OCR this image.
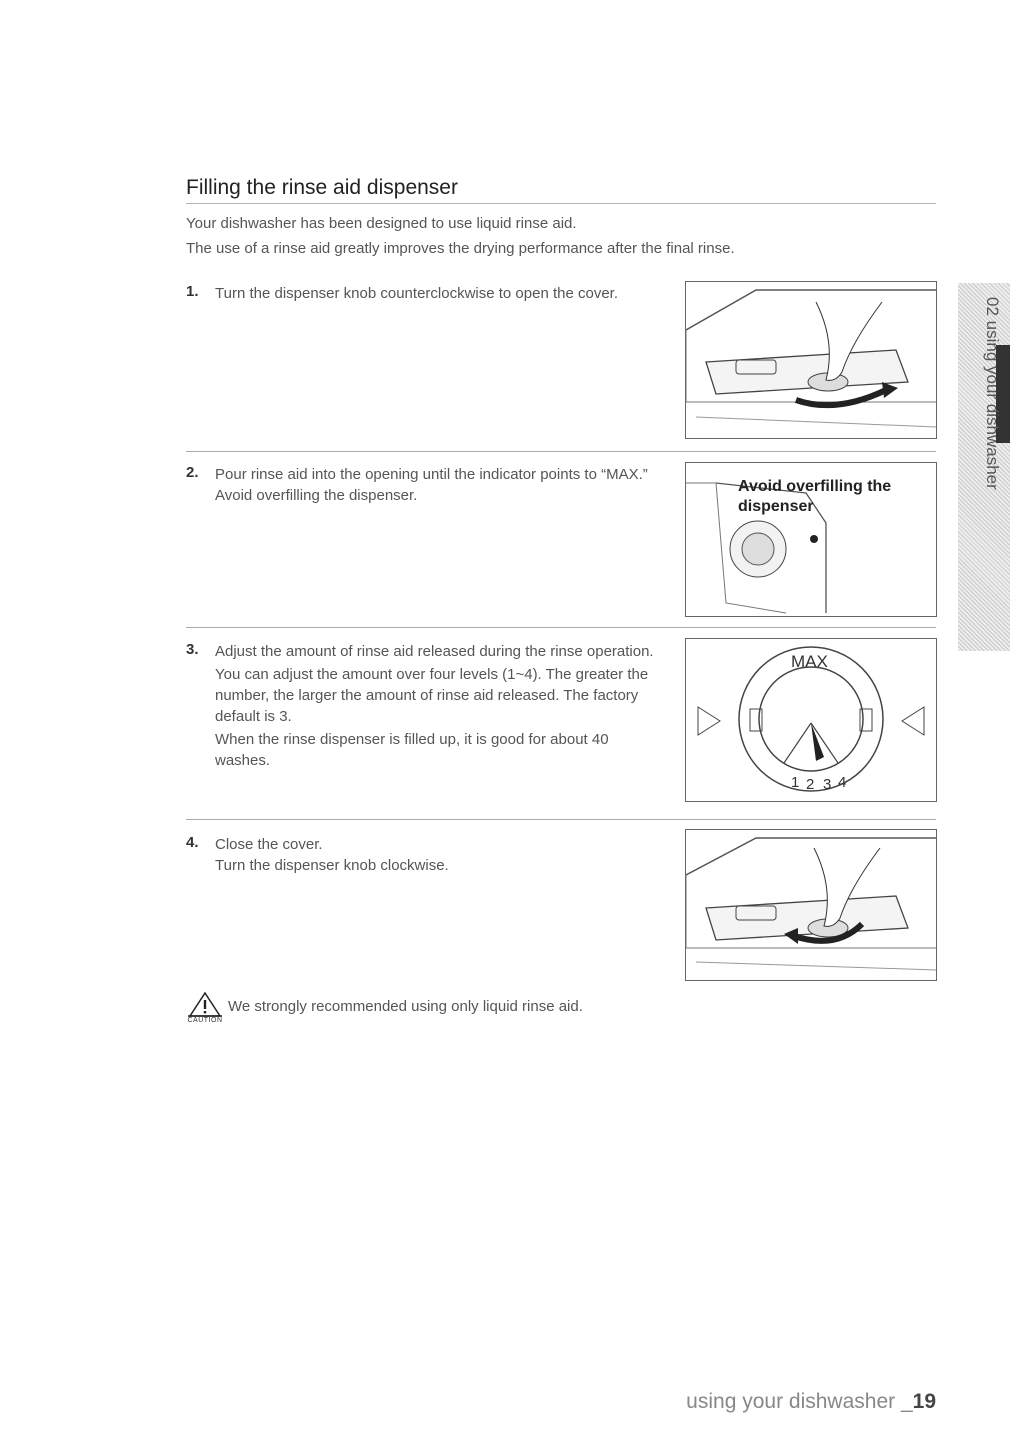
Filling the rinse aid dispenser
Your dishwasher has been designed to use liquid rinse aid.
The use of a rinse aid greatly improves the drying performance after the final rinse.
1. Turn the dispenser knob counterclockwise to open the cover.

2. Pour rinse aid into the opening until the indicator points to “MAX.” Avoid overfilling the dispenser.

Avoid overfilling the
dispenser
3. Adjust the amount of rinse aid released during the rinse operation.

You can adjust the amount over four levels (1~4). The greater the number, the larger the amount of rinse aid released. The factory default is 3.

When the rinse dispenser is filled up, it is good for about 40 washes.

MAX
1 2 3 4
4. Close the cover.

Turn the dispenser knob clockwise.

CAUTION
We strongly recommended using only liquid rinse aid.
02 using your dishwasher
using your dishwasher _19
